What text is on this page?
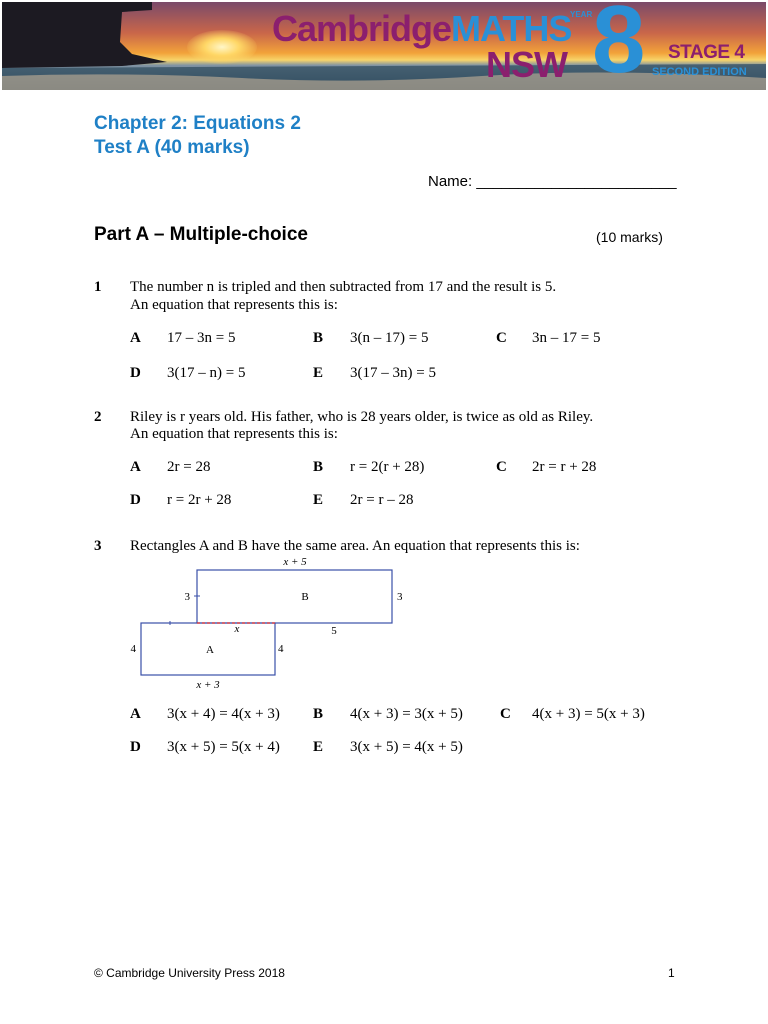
CambridgeMATHS
NSW
YEAR 8 STAGE 4
SECOND EDITION
Chapter 2: Equations 2
Test A (40 marks)
Name: ________________________
Part A – Multiple-choice	(10 marks)
1 The number n is tripled and then subtracted from 17 and the result is 5.
An equation that represents this is:
A 17 – 3n = 5	B 3(n – 17) = 5	C 3n – 17 = 5
D 3(17 – n) = 5	E 3(17 – 3n) = 5
2 Riley is r years old. His father, who is 28 years older, is twice as old as Riley.
An equation that represents this is:
A 2r = 28	B r = 2(r + 28)	C 2r = r + 28
D r = 2r + 28	E 2r = r – 28
3 Rectangles A and B have the same area. An equation that represents this is:
x + 5
3	B	3
x	5
4	A	4
x + 3
A 3(x + 4) = 4(x + 3) B 4(x + 3) = 3(x + 5) C 4(x + 3) = 5(x + 3)
D 3(x + 5) = 5(x + 4) E 3(x + 5) = 4(x + 5)
© Cambridge University Press 2018	1
